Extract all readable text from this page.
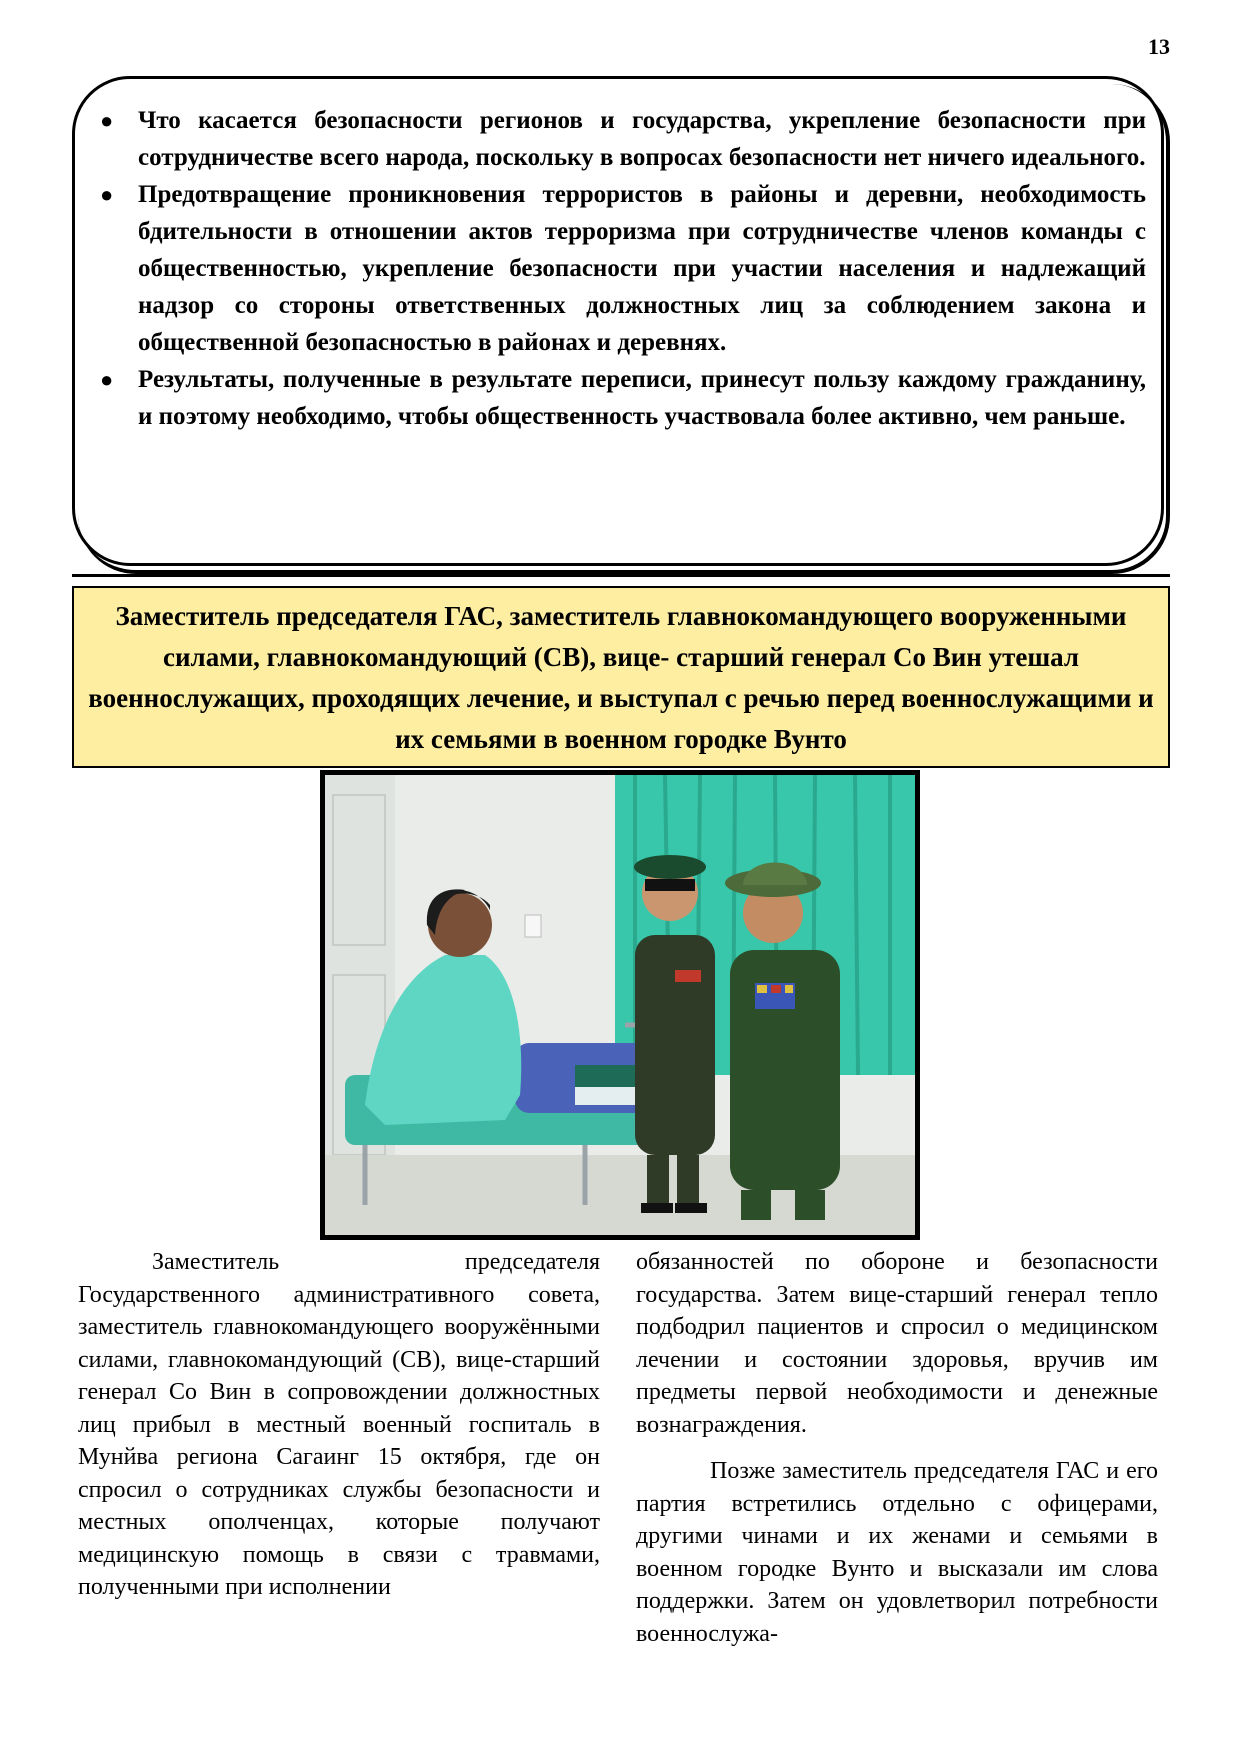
13
● Что касается безопасности регионов и государства, укрепление безопасности при сотрудничестве всего народа, поскольку в вопросах безопасности нет ничего идеального.
● Предотвращение проникновения террористов в районы и деревни, необходимость бдительности в отношении актов терроризма при сотрудничестве членов команды с общественностью, укрепление безопасности при участии населения и надлежащий надзор со стороны ответственных должностных лиц за соблюдением закона и общественной безопасностью в районах и деревнях.
● Результаты, полученные в результате переписи, принесут пользу каждому гражданину, и поэтому необходимо, чтобы общественность участвовала более активно, чем раньше.

Заместитель председателя ГАС, заместитель главнокомандующего вооруженными силами, главнокомандующий (СВ), вице- старший генерал Со Вин утешал военнослужащих, проходящих лечение, и выступал с речью перед военнослужащими и их семьями в военном городке Вунто

Заместитель председателя Государственного административного совета, заместитель главнокомандующего вооружёнными силами, главнокомандующий (СВ), вице-старший генерал Со Вин в сопровождении должностных лиц прибыл в местный военный госпиталь в Мунйва региона Сагаинг 15 октября, где он спросил о сотрудниках службы безопасности и местных ополченцах, которые получают медицинскую помощь в связи с травмами, полученными при исполнении

обязанностей по обороне и безопасности государства. Затем вице-старший генерал тепло подбодрил пациентов и спросил о медицинском лечении и состоянии здоровья, вручив им предметы первой необходимости и денежные вознаграждения.

Позже заместитель председателя ГАС и его партия встретились отдельно с офицерами, другими чинами и их женами и семьями в военном городке Вунто и высказали им слова поддержки. Затем он удовлетворил потребности военнослужа-
